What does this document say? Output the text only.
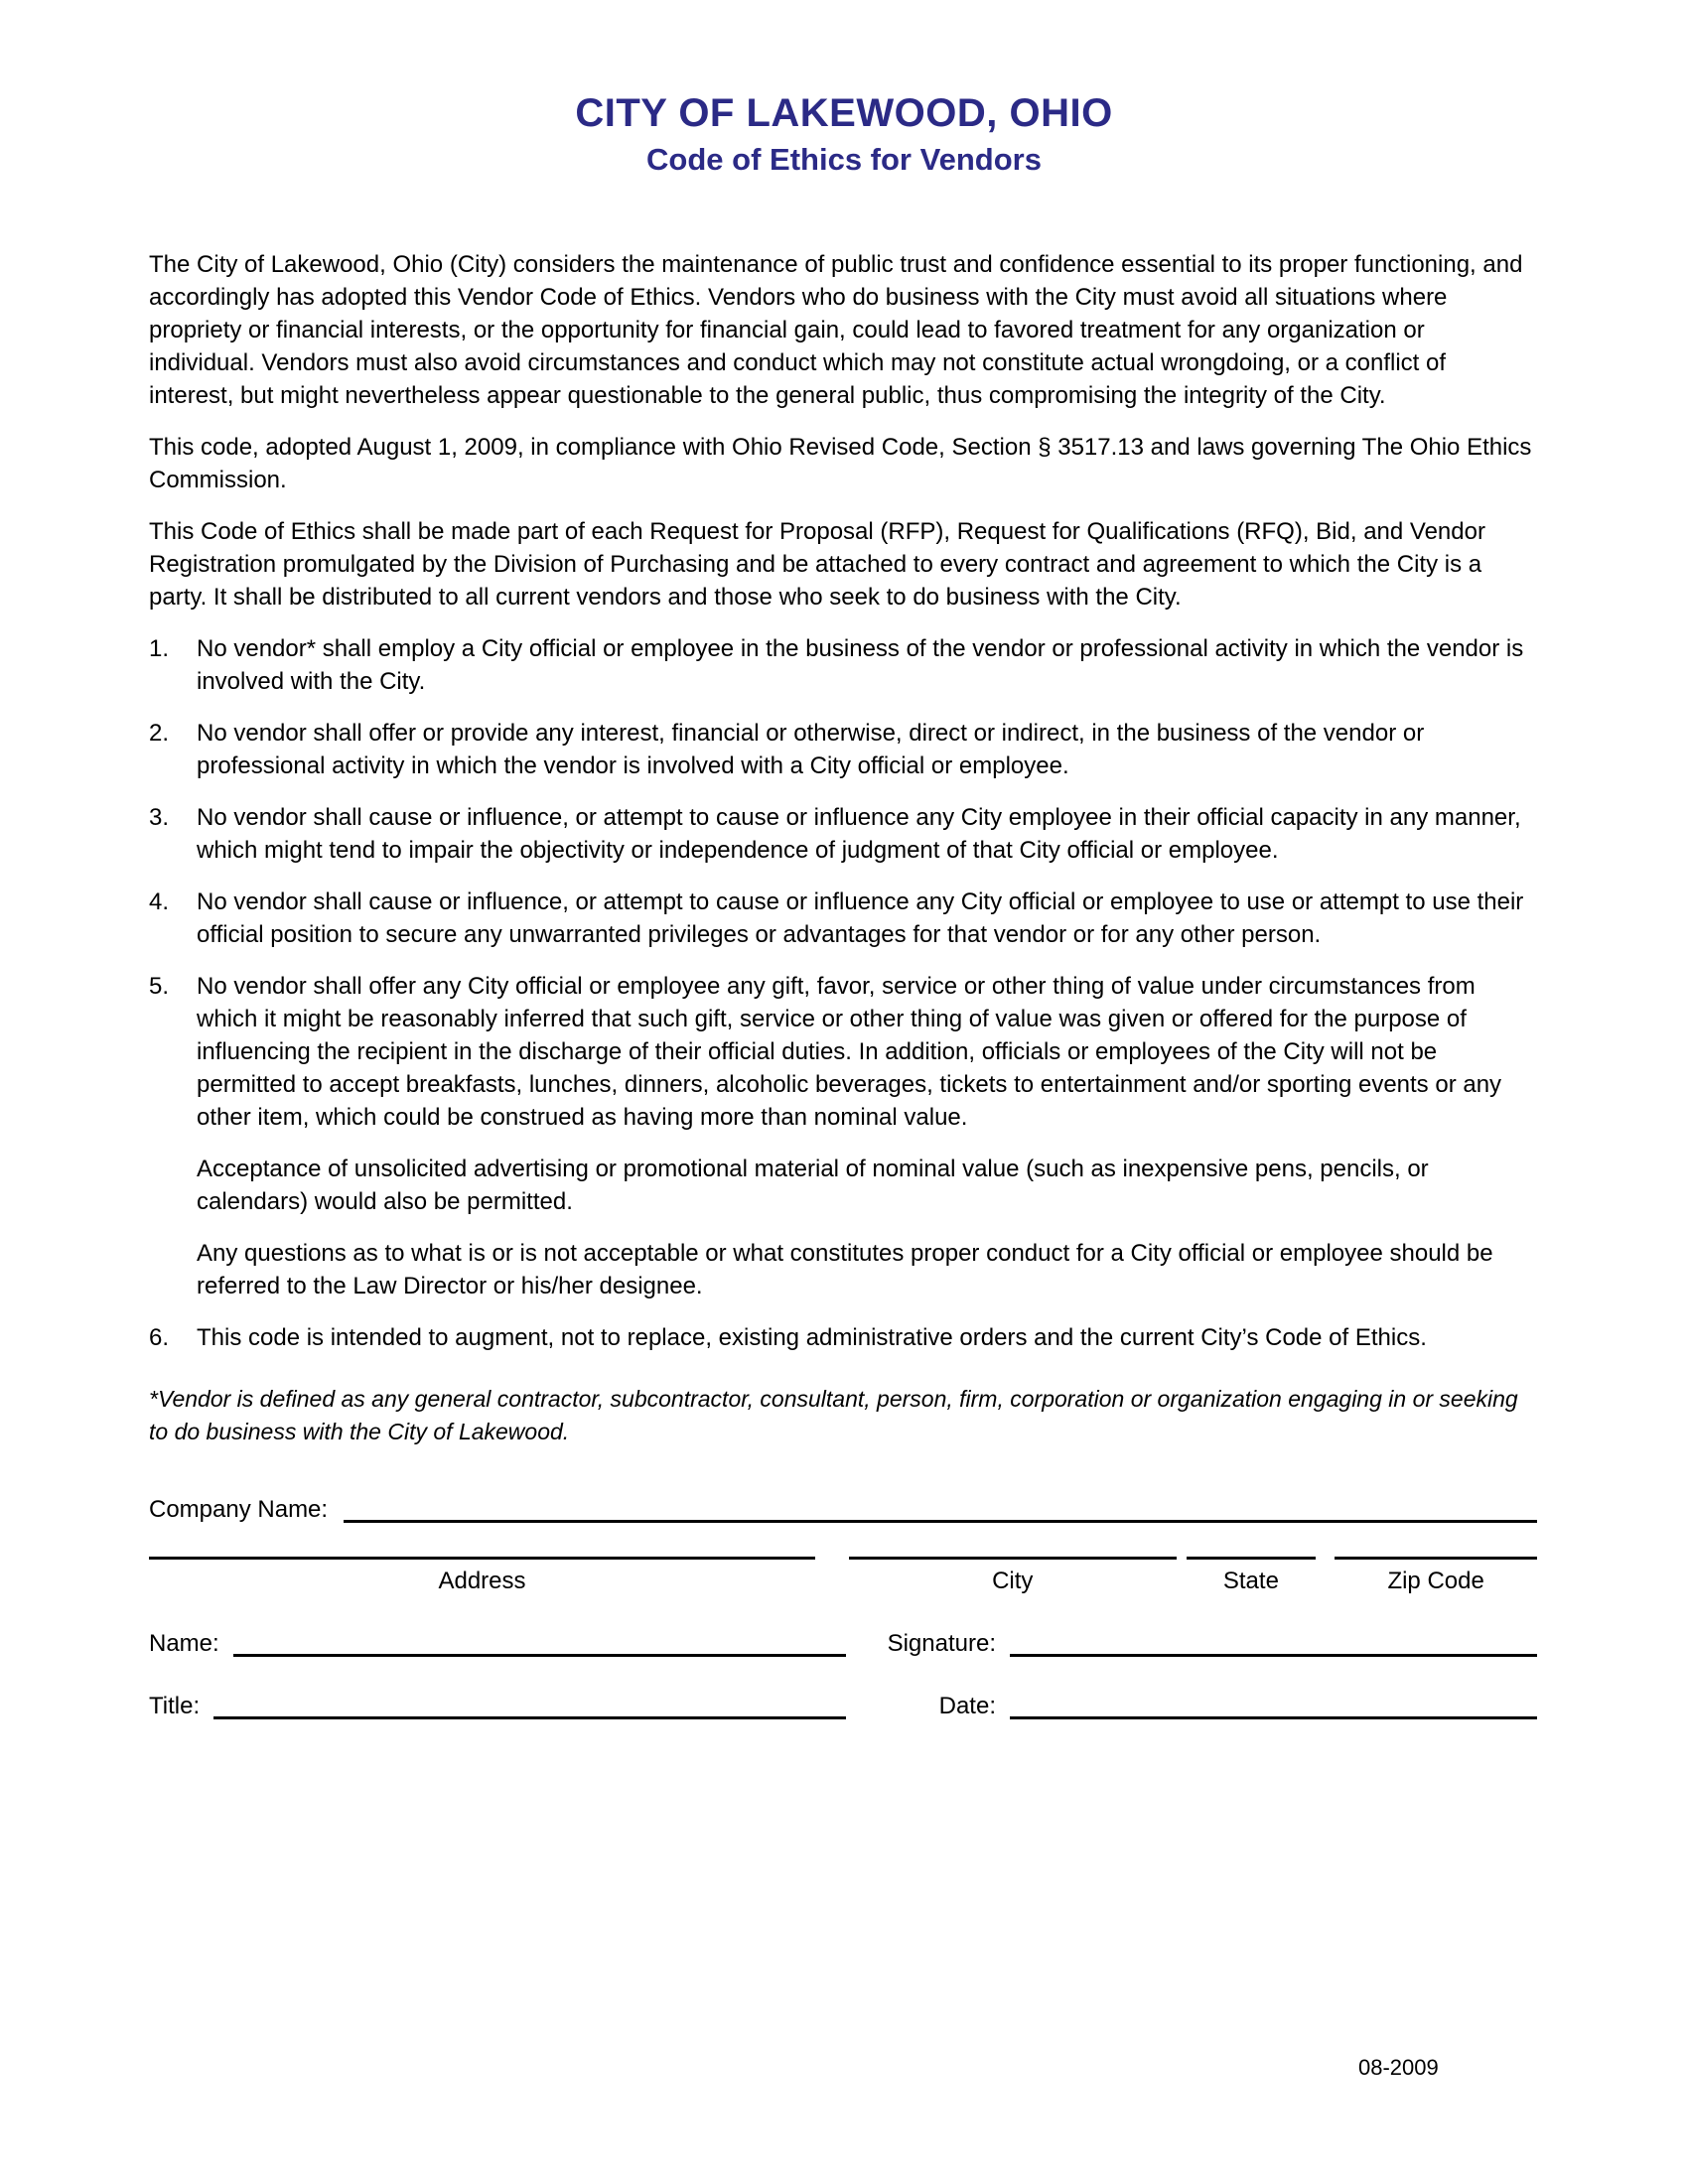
CITY OF LAKEWOOD, OHIO
Code of Ethics for Vendors

The City of Lakewood, Ohio (City) considers the maintenance of public trust and confidence essential to its proper functioning, and accordingly has adopted this Vendor Code of Ethics. Vendors who do business with the City must avoid all situations where propriety or financial interests, or the opportunity for financial gain, could lead to favored treatment for any organization or individual. Vendors must also avoid circumstances and conduct which may not constitute actual wrongdoing, or a conflict of interest, but might nevertheless appear questionable to the general public, thus compromising the integrity of the City.

This code, adopted August 1, 2009, in compliance with Ohio Revised Code, Section § 3517.13 and laws governing The Ohio Ethics Commission.

This Code of Ethics shall be made part of each Request for Proposal (RFP), Request for Qualifications (RFQ), Bid, and Vendor Registration promulgated by the Division of Purchasing and be attached to every contract and agreement to which the City is a party. It shall be distributed to all current vendors and those who seek to do business with the City.

1.	No vendor* shall employ a City official or employee in the business of the vendor or professional activity in which the vendor is involved with the City.
2.	No vendor shall offer or provide any interest, financial or otherwise, direct or indirect, in the business of the vendor or professional activity in which the vendor is involved with a City official or employee.
3.	No vendor shall cause or influence, or attempt to cause or influence any City employee in their official capacity in any manner, which might tend to impair the objectivity or independence of judgment of that City official or employee.
4.	No vendor shall cause or influence, or attempt to cause or influence any City official or employee to use or attempt to use their official position to secure any unwarranted privileges or advantages for that vendor or for any other person.
5.	No vendor shall offer any City official or employee any gift, favor, service or other thing of value under circumstances from which it might be reasonably inferred that such gift, service or other thing of value was given or offered for the purpose of influencing the recipient in the discharge of their official duties. In addition, officials or employees of the City will not be permitted to accept breakfasts, lunches, dinners, alcoholic beverages, tickets to entertainment and/or sporting events or any other item, which could be construed as having more than nominal value.

Acceptance of unsolicited advertising or promotional material of nominal value (such as inexpensive pens, pencils, or calendars) would also be permitted.

Any questions as to what is or is not acceptable or what constitutes proper conduct for a City official or employee should be referred to the Law Director or his/her designee.

6.	This code is intended to augment, not to replace, existing administrative orders and the current City’s Code of Ethics.

*Vendor is defined as any general contractor, subcontractor, consultant, person, firm, corporation or organization engaging in or seeking to do business with the City of Lakewood.

Company Name:
Address	City	State	Zip Code
Name:	Signature:
Title:	Date:
08-2009
